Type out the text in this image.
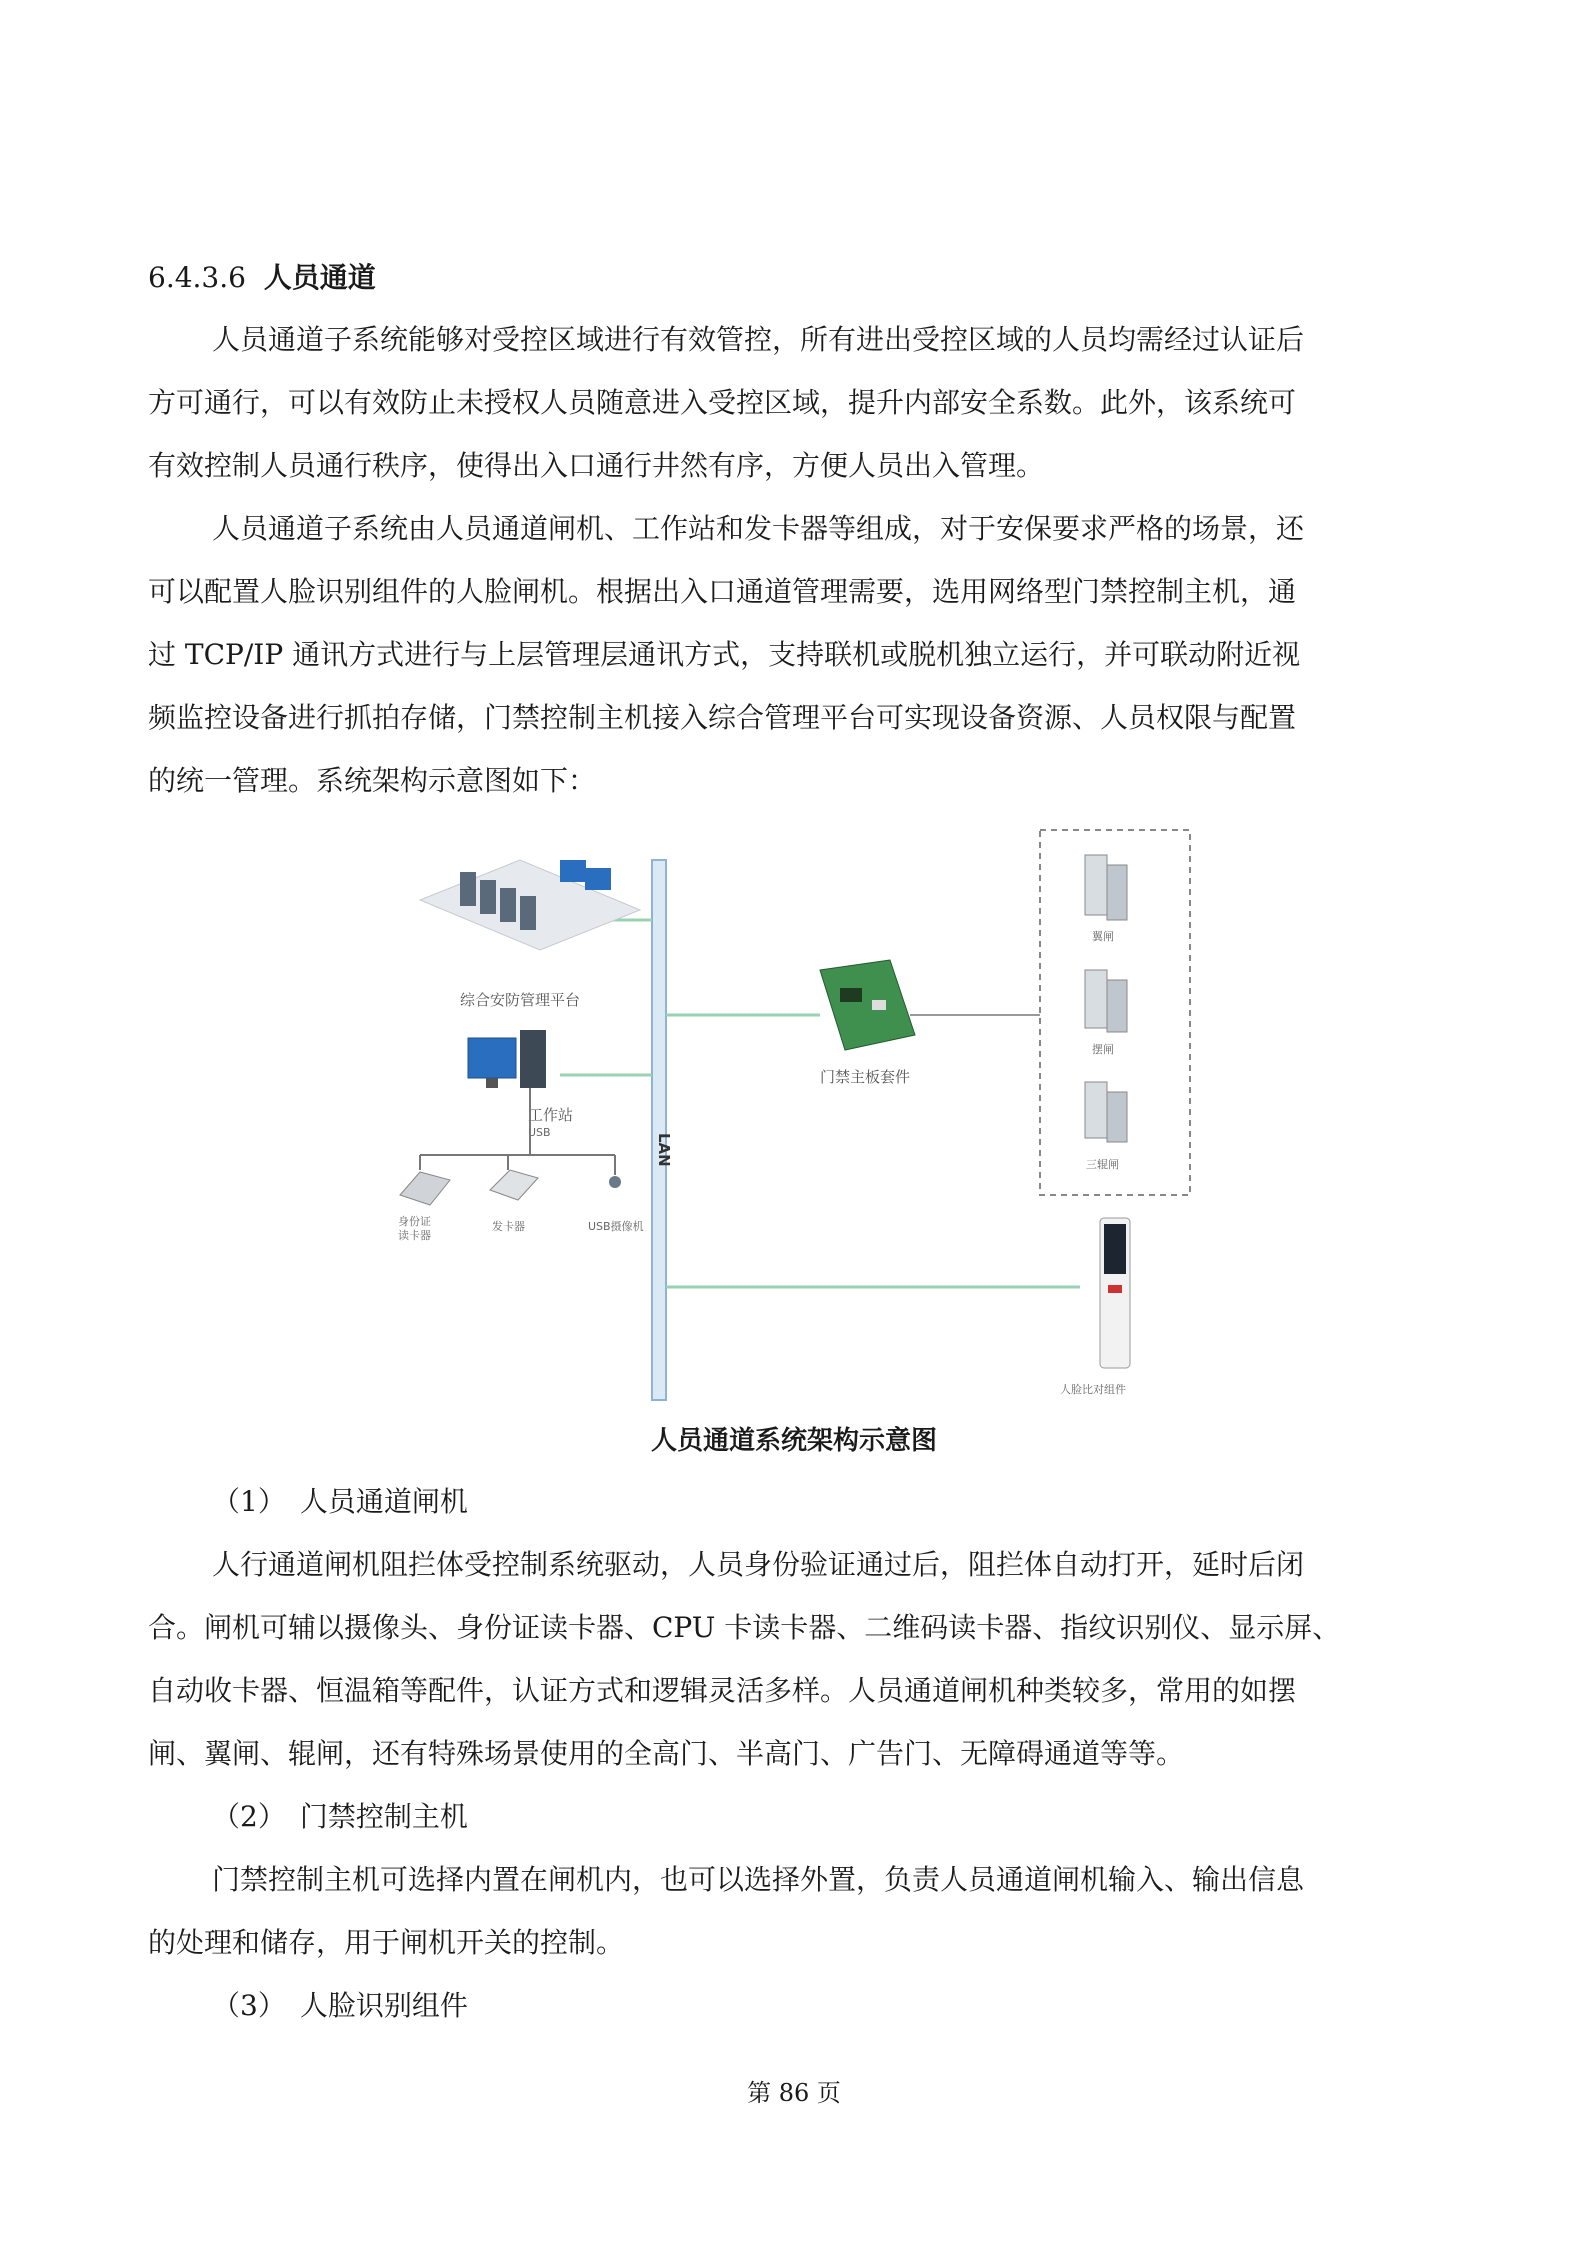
6.4.3.6 人员通道
人员通道子系统能够对受控区域进行有效管控，所有进出受控区域的人员均需经过认证后
方可通行，可以有效防止未授权人员随意进入受控区域，提升内部安全系数。此外，该系统可
有效控制人员通行秩序，使得出入口通行井然有序，方便人员出入管理。
人员通道子系统由人员通道闸机、工作站和发卡器等组成，对于安保要求严格的场景，还
可以配置人脸识别组件的人脸闸机。根据出入口通道管理需要，选用网络型门禁控制主机，通
过 TCP/IP 通讯方式进行与上层管理层通讯方式，支持联机或脱机独立运行，并可联动附近视
频监控设备进行抓拍存储，门禁控制主机接入综合管理平台可实现设备资源、人员权限与配置
的统一管理。系统架构示意图如下：
LAN
综合安防管理平台
工作站
USB
身份证
读卡器
发卡器	USB摄像机
门禁主板套件
翼闸
摆闸
三辊闸
人脸比对组件
人员通道系统架构示意图
（1）　人员通道闸机
人行通道闸机阻拦体受控制系统驱动，人员身份验证通过后，阻拦体自动打开，延时后闭
合。闸机可辅以摄像头、身份证读卡器、CPU 卡读卡器、二维码读卡器、指纹识别仪、显示屏、
自动收卡器、恒温箱等配件，认证方式和逻辑灵活多样。人员通道闸机种类较多，常用的如摆
闸、翼闸、辊闸，还有特殊场景使用的全高门、半高门、广告门、无障碍通道等等。
（2）　门禁控制主机
门禁控制主机可选择内置在闸机内，也可以选择外置，负责人员通道闸机输入、输出信息
的处理和储存，用于闸机开关的控制。
（3）　人脸识别组件
第 86 页
